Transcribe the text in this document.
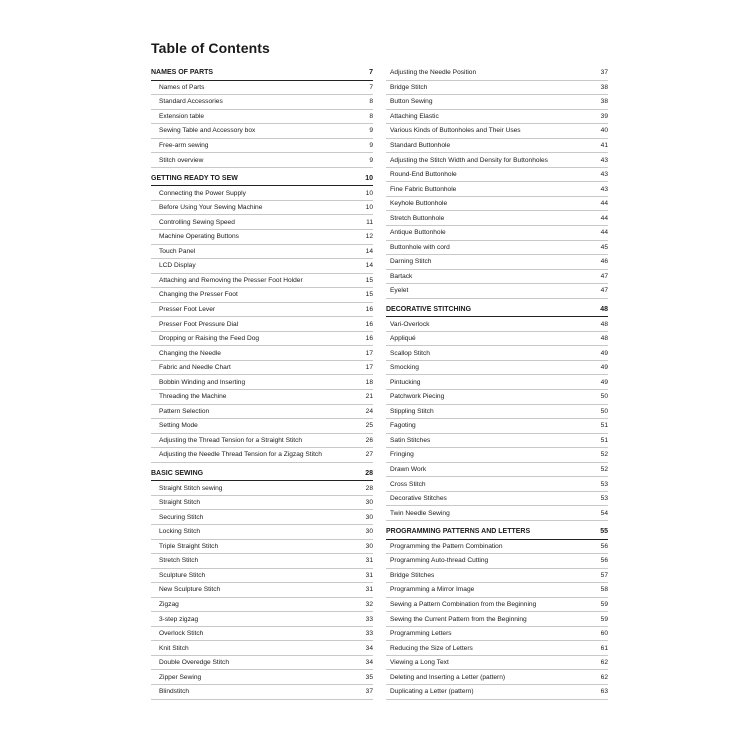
Table of Contents
NAMES OF PARTS	7
Names of Parts	7
Standard Accessories	8
Extension table	8
Sewing Table and Accessory box	9
Free-arm sewing	9
Stitch overview	9
GETTING READY TO SEW	10
Connecting the Power Supply	10
Before Using Your Sewing Machine	10
Controlling Sewing Speed	11
Machine Operating Buttons	12
Touch Panel	14
LCD Display	14
Attaching and Removing the Presser Foot Holder	15
Changing the Presser Foot	15
Presser Foot Lever	16
Presser Foot Pressure Dial	16
Dropping or Raising the Feed Dog	16
Changing the Needle	17
Fabric and Needle Chart	17
Bobbin Winding and Inserting	18
Threading the Machine	21
Pattern Selection	24
Setting Mode	25
Adjusting the Thread Tension for a Straight Stitch	26
Adjusting the Needle Thread Tension for a Zigzag Stitch	27
BASIC SEWING	28
Straight Stitch sewing	28
Straight Stitch	30
Securing Stitch	30
Locking Stitch	30
Triple Straight Stitch	30
Stretch Stitch	31
Sculpture Stitch	31
New Sculpture Stitch	31
Zigzag	32
3-step zigzag	33
Overlock Stitch	33
Knit Stitch	34
Double Overedge Stitch	34
Zipper Sewing	35
Blindstitch	37
Adjusting the Needle Position	37
Bridge Stitch	38
Button Sewing	38
Attaching Elastic	39
Various Kinds of Buttonholes and Their Uses	40
Standard Buttonhole	41
Adjusting the Stitch Width and Density for Buttonholes	43
Round-End Buttonhole	43
Fine Fabric Buttonhole	43
Keyhole Buttonhole	44
Stretch Buttonhole	44
Antique Buttonhole	44
Buttonhole with cord	45
Darning Stitch	46
Bartack	47
Eyelet	47
DECORATIVE STITCHING	48
Vari-Overlock	48
Appliqué	48
Scallop Stitch	49
Smocking	49
Pintucking	49
Patchwork Piecing	50
Stippling Stitch	50
Fagoting	51
Satin Stitches	51
Fringing	52
Drawn Work	52
Cross Stitch	53
Decorative Stitches	53
Twin Needle Sewing	54
PROGRAMMING PATTERNS AND LETTERS	55
Programming the Pattern Combination	56
Programming Auto-thread Cutting	56
Bridge Stitches	57
Programming a Mirror Image	58
Sewing a Pattern Combination from the Beginning	59
Sewing the Current Pattern from the Beginning	59
Programming Letters	60
Reducing the Size of Letters	61
Viewing a Long Text	62
Deleting and Inserting a Letter (pattern)	62
Duplicating a Letter (pattern)	63
